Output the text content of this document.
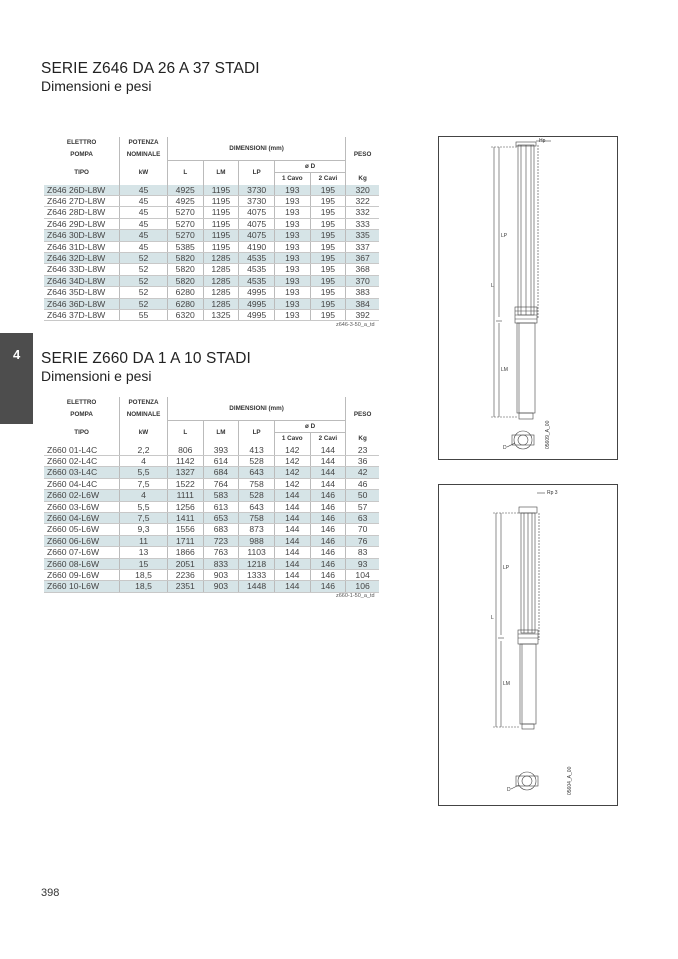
SERIE Z646 DA 26 A 37 STADI
Dimensioni e pesi
ELETTRO	POTENZA	DIMENSIONI (mm)					PESO
POMPA	NOMINALE						
TIPO	kW	L	LM	LP	ø D		
					1 Cavo	2 Cavi	Kg
Z646 26D-L8W	45	4925	1195	3730	193	195	320
Z646 27D-L8W	45	4925	1195	3730	193	195	322
Z646 28D-L8W	45	5270	1195	4075	193	195	332
Z646 29D-L8W	45	5270	1195	4075	193	195	333
Z646 30D-L8W	45	5270	1195	4075	193	195	335
Z646 31D-L8W	45	5385	1195	4190	193	195	337
Z646 32D-L8W	52	5820	1285	4535	193	195	367
Z646 33D-L8W	52	5820	1285	4535	193	195	368
Z646 34D-L8W	52	5820	1285	4535	193	195	370
Z646 35D-L8W	52	6280	1285	4995	193	195	383
Z646 36D-L8W	52	6280	1285	4995	193	195	384
Z646 37D-L8W	55	6320	1325	4995	193	195	392
z646-3-50_a_td
SERIE Z660 DA 1 A 10 STADI
Dimensioni e pesi
ELETTRO	POTENZA	DIMENSIONI (mm)					PESO
POMPA	NOMINALE						
TIPO	kW	L	LM	LP	ø D		
					1 Cavo	2 Cavi	Kg
Z660 01-L4C	2,2	806	393	413	142	144	23
Z660 02-L4C	4	1142	614	528	142	144	36
Z660 03-L4C	5,5	1327	684	643	142	144	42
Z660 04-L4C	7,5	1522	764	758	142	144	46
Z660 02-L6W	4	1111	583	528	144	146	50
Z660 03-L6W	5,5	1256	613	643	144	146	57
Z660 04-L6W	7,5	1411	653	758	144	146	63
Z660 05-L6W	9,3	1556	683	873	144	146	70
Z660 06-L6W	11	1711	723	988	144	146	76
Z660 07-L6W	13	1866	763	1103	144	146	83
Z660 08-L6W	15	2051	833	1218	144	146	93
Z660 09-L6W	18,5	2236	903	1333	144	146	104
Z660 10-L6W	18,5	2351	903	1448	144	146	106
z660-1-50_a_td
4
Hp
LP
L
LM
D	05609_A_00
Rp 3
LP
L
LM
D	05604_A_00
398
